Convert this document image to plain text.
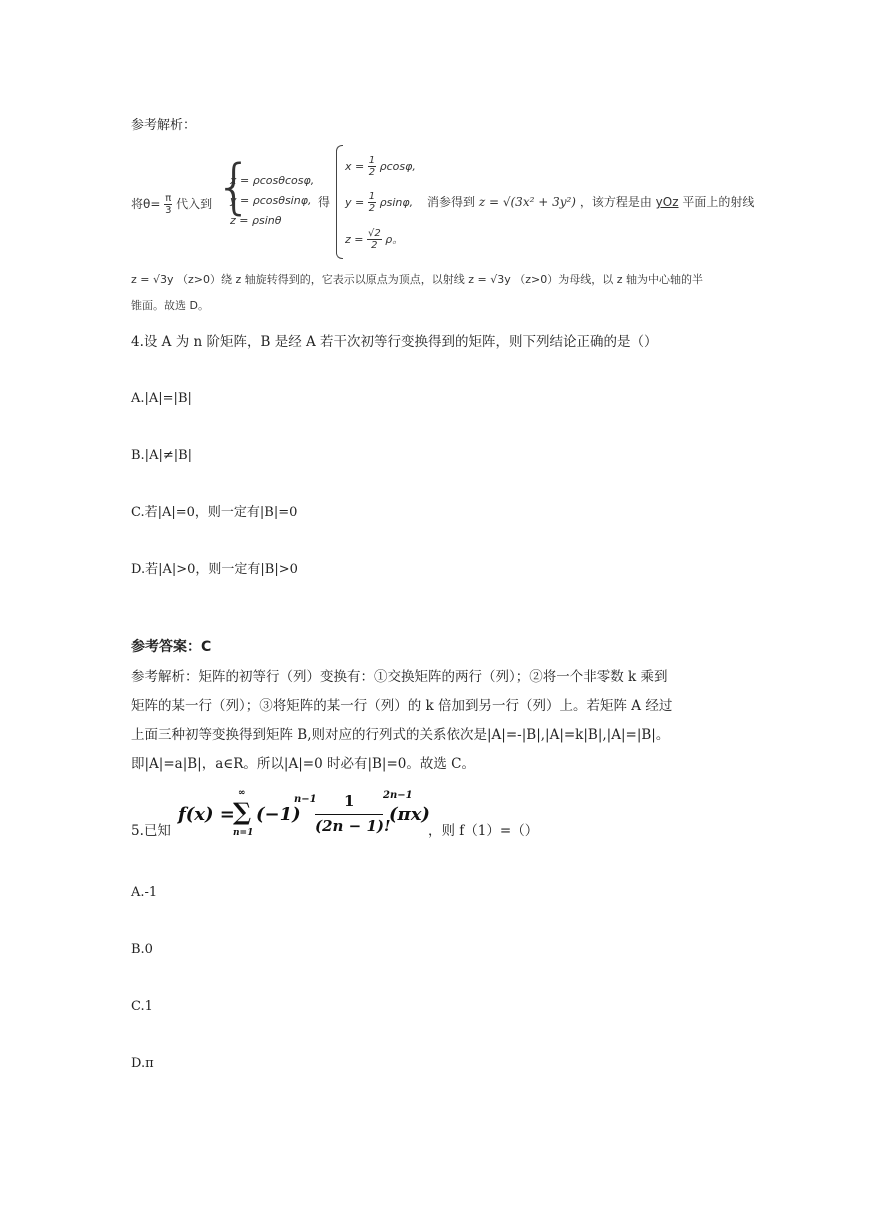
参考解析：
将$\theta= \frac{\pi}{3}$ 代入到 {
x = ρcosθcosφ,
y = ρcosθsinφ,
z = ρsinθ
得
x =
$\frac{1}{2}$
ρcosφ,
y =
$\frac{1}{2}$
ρsinφ,
z =
$\frac{√2}{2}$
ρ。
消参得到 z = √(3x² + 3y²) ，该方程是由 yOz 平面上的射线
z = √3y （z>0）绕 z 轴旋转得到的，它表示以原点为顶点，以射线 z = √3y （z>0）为母线，以 z 轴为中心轴的半
锥面。故选 D。
4.设 A 为 n 阶矩阵，B 是经 A 若干次初等行变换得到的矩阵，则下列结论正确的是（）
A.|A|=|B|
B.|A|≠|B|
C.若|A|=0，则一定有|B|=0
D.若|A|>0，则一定有|B|>0
参考答案：C
参考解析：矩阵的初等行（列）变换有：①交换矩阵的两行（列）；②将一个非零数 k 乘到
矩阵的某一行（列）；③将矩阵的某一行（列）的 k 倍加到另一行（列）上。若矩阵 A 经过
上面三种初等变换得到矩阵 B,则对应的行列式的关系依次是|A|=-|B|,|A|=k|B|,|A|=|B|。
即|A|=a|B|，a∈R。所以|A|=0 时必有|B|=0。故选 C。
5.已知
f(x) =
∞
∑
n=1
(−1)
n−1 1
(2n − 1)!
(πx)
2n−1
，则 f（1）=（）
A.-1
B.0
C.1
D.π
